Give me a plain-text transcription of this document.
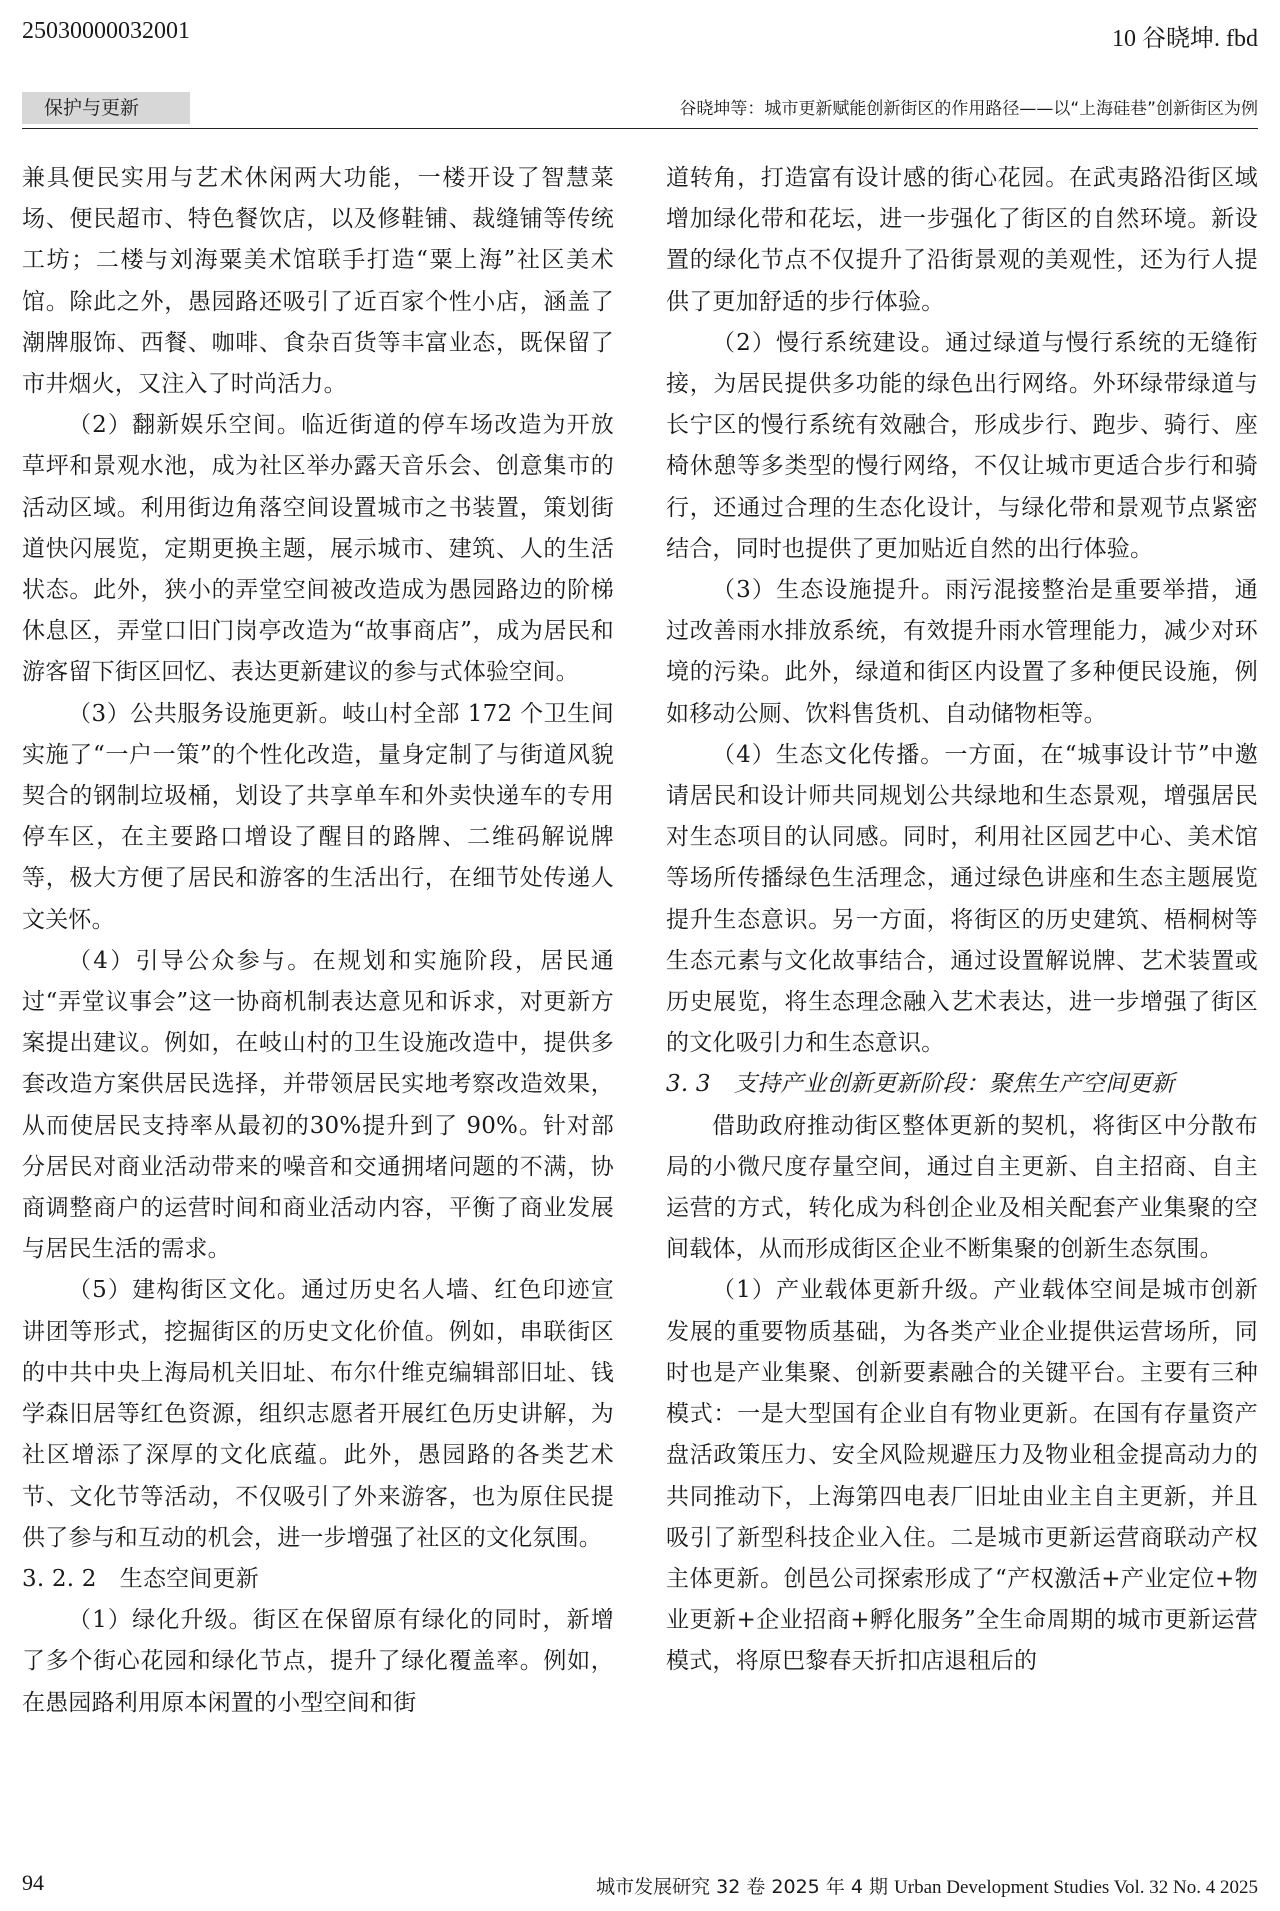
25030000032001	10 谷晓坤. fbd
保护与更新	谷晓坤等：城市更新赋能创新街区的作用路径——以“上海硅巷”创新街区为例

兼具便民实用与艺术休闲两大功能，一楼开设了智慧菜场、便民超市、特色餐饮店，以及修鞋铺、裁缝铺等传统工坊；二楼与刘海粟美术馆联手打造“粟上海”社区美术馆。除此之外，愚园路还吸引了近百家个性小店，涵盖了潮牌服饰、西餐、咖啡、食杂百货等丰富业态，既保留了市井烟火，又注入了时尚活力。

（2）翻新娱乐空间。临近街道的停车场改造为开放草坪和景观水池，成为社区举办露天音乐会、创意集市的活动区域。利用街边角落空间设置城市之书装置，策划街道快闪展览，定期更换主题，展示城市、建筑、人的生活状态。此外，狭小的弄堂空间被改造成为愚园路边的阶梯休息区，弄堂口旧门岗亭改造为“故事商店”，成为居民和游客留下街区回忆、表达更新建议的参与式体验空间。

（3）公共服务设施更新。岐山村全部 172 个卫生间实施了“一户一策”的个性化改造，量身定制了与街道风貌契合的钢制垃圾桶，划设了共享单车和外卖快递车的专用停车区，在主要路口增设了醒目的路牌、二维码解说牌等，极大方便了居民和游客的生活出行，在细节处传递人文关怀。

（4）引导公众参与。在规划和实施阶段，居民通过“弄堂议事会”这一协商机制表达意见和诉求，对更新方案提出建议。例如，在岐山村的卫生设施改造中，提供多套改造方案供居民选择，并带领居民实地考察改造效果，从而使居民支持率从最初的30%提升到了 90%。针对部分居民对商业活动带来的噪音和交通拥堵问题的不满，协商调整商户的运营时间和商业活动内容，平衡了商业发展与居民生活的需求。

（5）建构街区文化。通过历史名人墙、红色印迹宣讲团等形式，挖掘街区的历史文化价值。例如，串联街区的中共中央上海局机关旧址、布尔什维克编辑部旧址、钱学森旧居等红色资源，组织志愿者开展红色历史讲解，为社区增添了深厚的文化底蕴。此外，愚园路的各类艺术节、文化节等活动，不仅吸引了外来游客，也为原住民提供了参与和互动的机会，进一步增强了社区的文化氛围。

3. 2. 2　生态空间更新

（1）绿化升级。街区在保留原有绿化的同时，新增了多个街心花园和绿化节点，提升了绿化覆盖率。例如，在愚园路利用原本闲置的小型空间和街

道转角，打造富有设计感的街心花园。在武夷路沿街区域增加绿化带和花坛，进一步强化了街区的自然环境。新设置的绿化节点不仅提升了沿街景观的美观性，还为行人提供了更加舒适的步行体验。

（2）慢行系统建设。通过绿道与慢行系统的无缝衔接，为居民提供多功能的绿色出行网络。外环绿带绿道与长宁区的慢行系统有效融合，形成步行、跑步、骑行、座椅休憩等多类型的慢行网络，不仅让城市更适合步行和骑行，还通过合理的生态化设计，与绿化带和景观节点紧密结合，同时也提供了更加贴近自然的出行体验。

（3）生态设施提升。雨污混接整治是重要举措，通过改善雨水排放系统，有效提升雨水管理能力，减少对环境的污染。此外，绿道和街区内设置了多种便民设施，例如移动公厕、饮料售货机、自动储物柜等。

（4）生态文化传播。一方面，在“城事设计节”中邀请居民和设计师共同规划公共绿地和生态景观，增强居民对生态项目的认同感。同时，利用社区园艺中心、美术馆等场所传播绿色生活理念，通过绿色讲座和生态主题展览提升生态意识。另一方面，将街区的历史建筑、梧桐树等生态元素与文化故事结合，通过设置解说牌、艺术装置或历史展览，将生态理念融入艺术表达，进一步增强了街区的文化吸引力和生态意识。

3. 3　支持产业创新更新阶段：聚焦生产空间更新

借助政府推动街区整体更新的契机，将街区中分散布局的小微尺度存量空间，通过自主更新、自主招商、自主运营的方式，转化成为科创企业及相关配套产业集聚的空间载体，从而形成街区企业不断集聚的创新生态氛围。

（1）产业载体更新升级。产业载体空间是城市创新发展的重要物质基础，为各类产业企业提供运营场所，同时也是产业集聚、创新要素融合的关键平台。主要有三种模式：一是大型国有企业自有物业更新。在国有存量资产盘活政策压力、安全风险规避压力及物业租金提高动力的共同推动下，上海第四电表厂旧址由业主自主更新，并且吸引了新型科技企业入住。二是城市更新运营商联动产权主体更新。创邑公司探索形成了“产权激活+产业定位+物业更新+企业招商+孵化服务”全生命周期的城市更新运营模式，将原巴黎春天折扣店退租后的

94	城市发展研究 32 卷 2025 年 4 期 Urban Development Studies Vol. 32 No. 4 2025
